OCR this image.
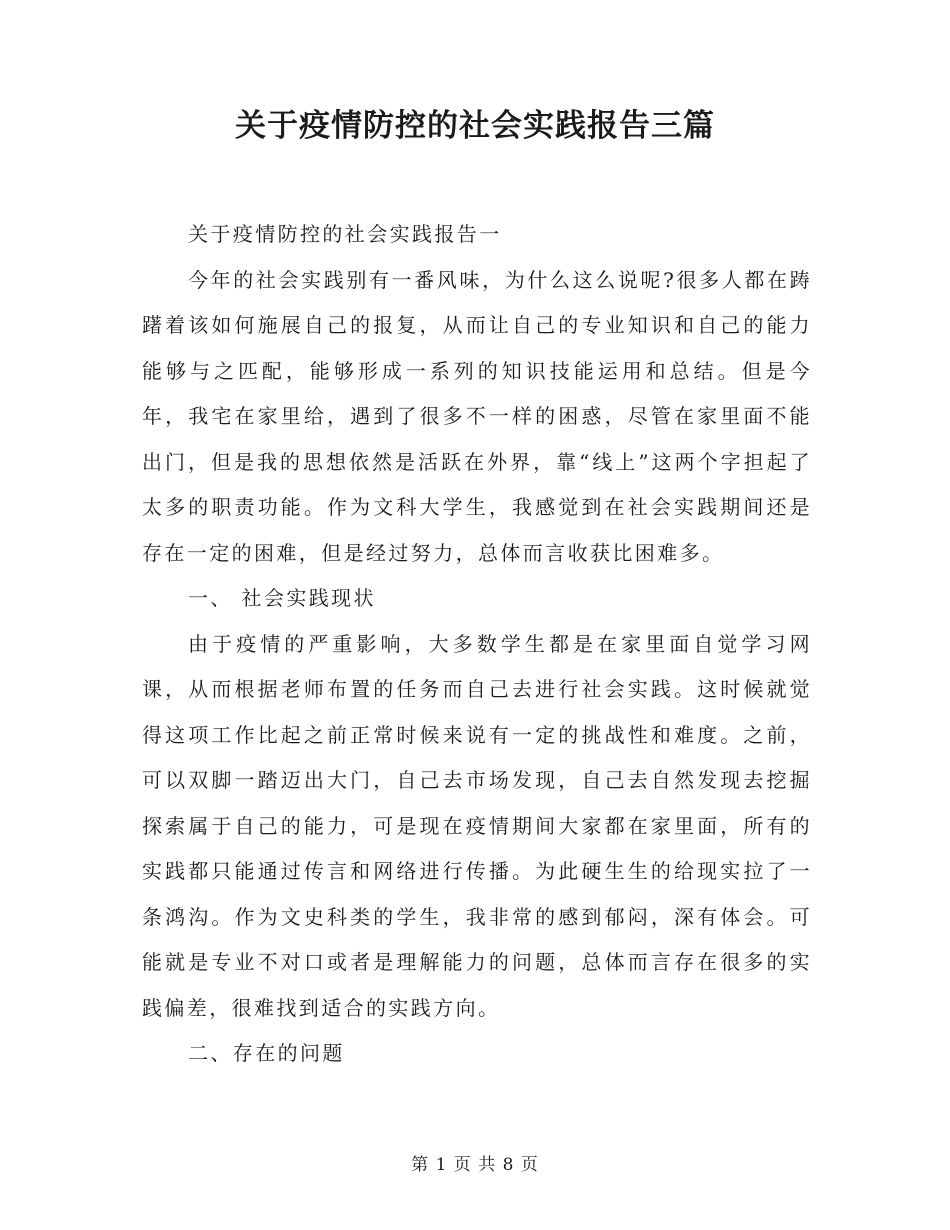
关于疫情防控的社会实践报告三篇

关于疫情防控的社会实践报告一

今年的社会实践别有一番风味，为什么这么说呢?很多人都在踌躇着该如何施展自己的报复，从而让自己的专业知识和自己的能力能够与之匹配，能够形成一系列的知识技能运用和总结。但是今年，我宅在家里给，遇到了很多不一样的困惑，尽管在家里面不能出门，但是我的思想依然是活跃在外界，靠“线上”这两个字担起了太多的职责功能。作为文科大学生，我感觉到在社会实践期间还是存在一定的困难，但是经过努力，总体而言收获比困难多。

一、 社会实践现状

由于疫情的严重影响，大多数学生都是在家里面自觉学习网课，从而根据老师布置的任务而自己去进行社会实践。这时候就觉得这项工作比起之前正常时候来说有一定的挑战性和难度。之前，可以双脚一踏迈出大门，自己去市场发现，自己去自然发现去挖掘探索属于自己的能力，可是现在疫情期间大家都在家里面，所有的实践都只能通过传言和网络进行传播。为此硬生生的给现实拉了一条鸿沟。作为文史科类的学生，我非常的感到郁闷，深有体会。可能就是专业不对口或者是理解能力的问题，总体而言存在很多的实践偏差，很难找到适合的实践方向。

二、存在的问题

第 1 页 共 8 页
